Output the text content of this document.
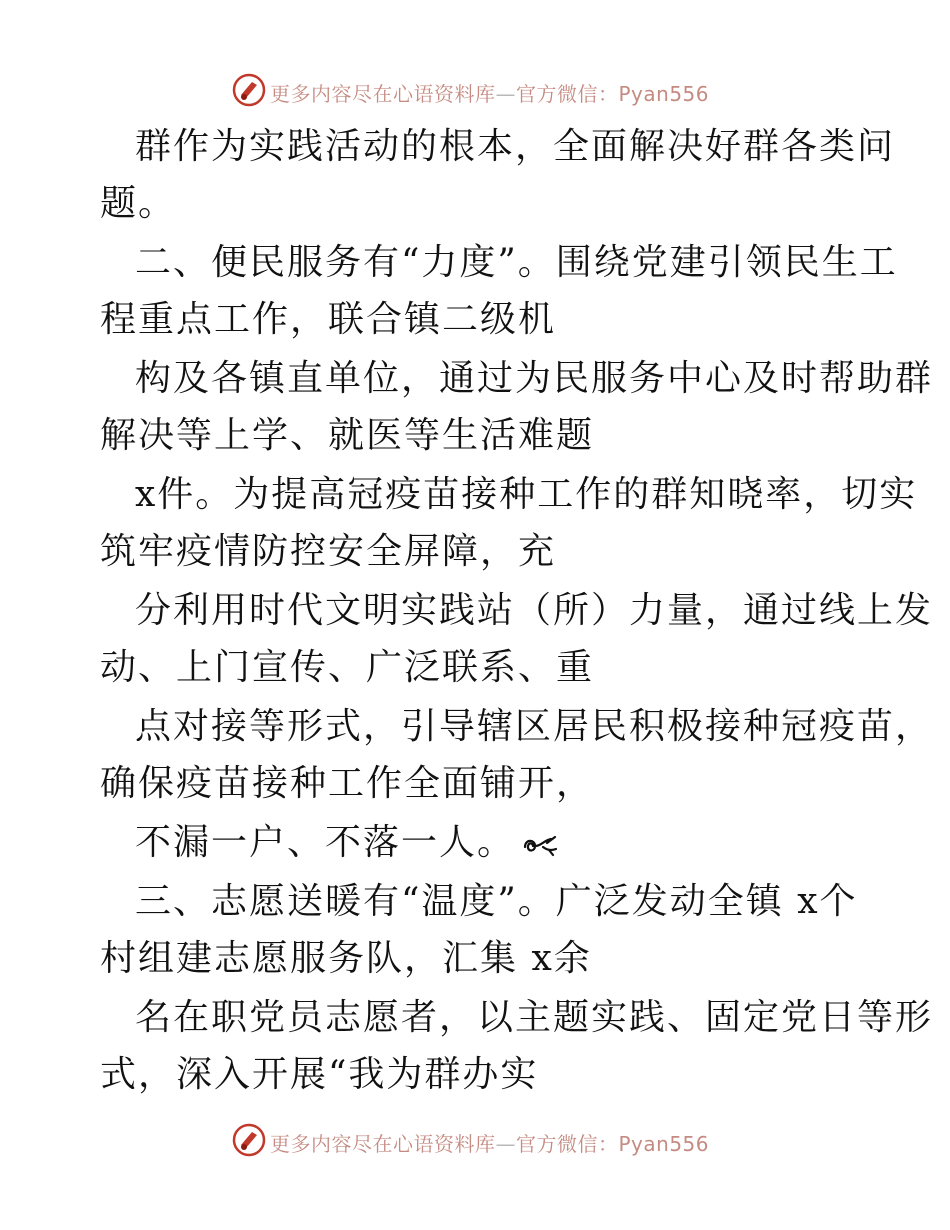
更多内容尽在心语资料库—官方微信：Pyan556
群作为实践活动的根本，全面解决好群各类问
题。
二、便民服务有“力度”。围绕党建引领民生工
程重点工作，联合镇二级机
构及各镇直单位，通过为民服务中心及时帮助群
解决等上学、就医等生活难题
x件。为提高冠疫苗接种工作的群知晓率，切实
筑牢疫情防控安全屏障，充
分利用时代文明实践站（所）力量，通过线上发
动、上门宣传、广泛联系、重
点对接等形式，引导辖区居民积极接种冠疫苗，
确保疫苗接种工作全面铺开，
不漏一户、不落一人。
三、志愿送暖有“温度”。广泛发动全镇 x个
村组建志愿服务队，汇集 x余
名在职党员志愿者，以主题实践、固定党日等形
式，深入开展“我为群办实
更多内容尽在心语资料库—官方微信：Pyan556
